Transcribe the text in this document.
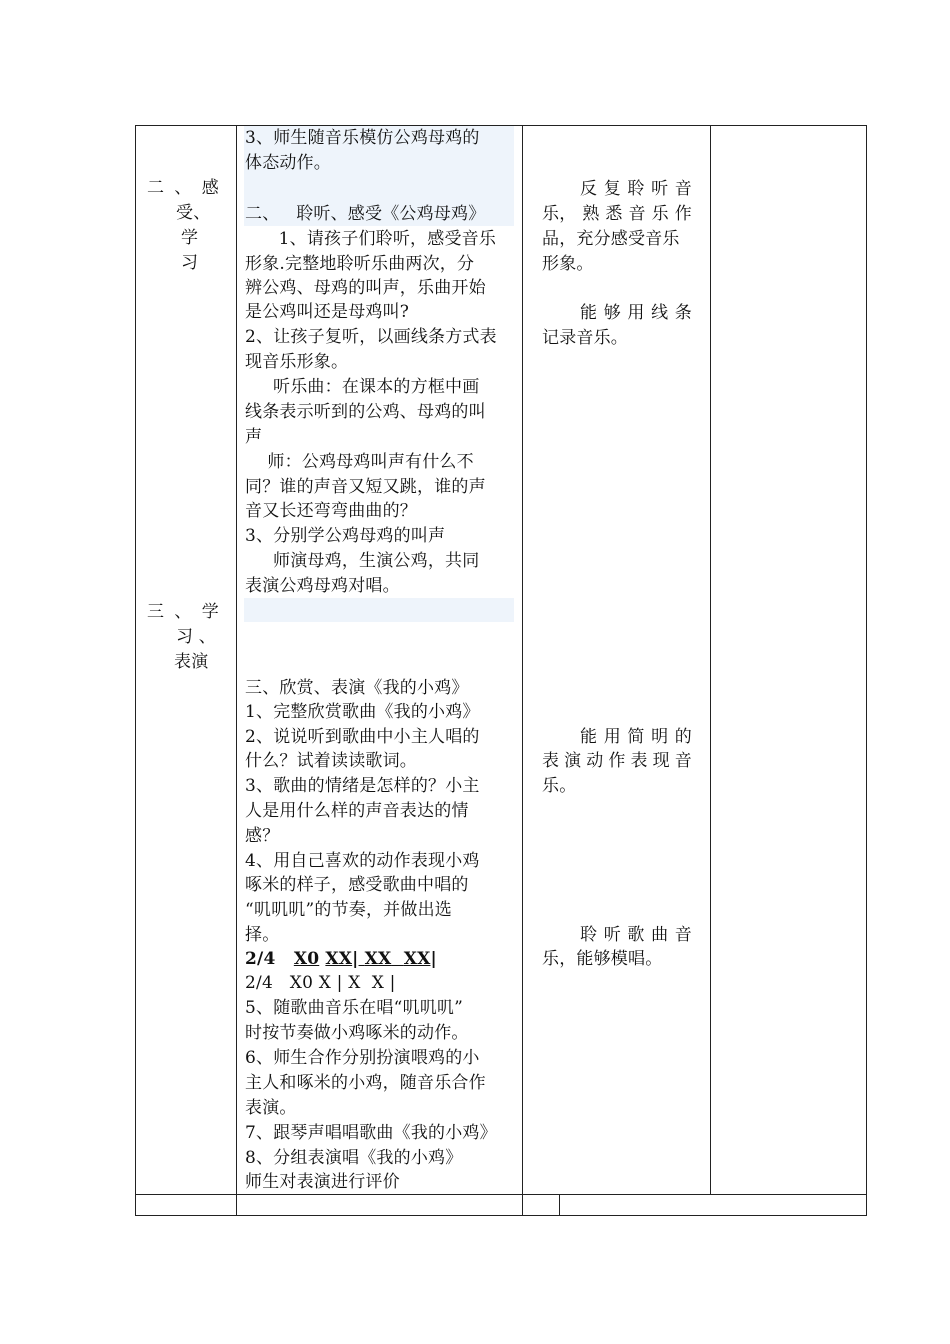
二 、 感
受、
学
习
三 、 学
习 、
表演
3、师生随音乐模仿公鸡母鸡的
体态动作。
二、   聆听、感受《公鸡母鸡》
1、请孩子们聆听，感受音乐
形象.完整地聆听乐曲两次，分
辨公鸡、母鸡的叫声，乐曲开始
是公鸡叫还是母鸡叫?
2、让孩子复听，以画线条方式表
现音乐形象。
听乐曲：在课本的方框中画
线条表示听到的公鸡、母鸡的叫
声
师：公鸡母鸡叫声有什么不
同？谁的声音又短又跳，谁的声
音又长还弯弯曲曲的？
3、分别学公鸡母鸡的叫声
师演母鸡，生演公鸡，共同
表演公鸡母鸡对唱。
三、欣赏、表演《我的小鸡》
1、完整欣赏歌曲《我的小鸡》
2、说说听到歌曲中小主人唱的
什么？试着读读歌词。
3、歌曲的情绪是怎样的？小主
人是用什么样的声音表达的情
感？
4、用自己喜欢的动作表现小鸡
啄米的样子，感受歌曲中唱的
“叽叽叽”的节奏，并做出选
择。
2/4 X0 XX| XX XX|
2/4 X0 X | X X |
5、随歌曲音乐在唱“叽叽叽”
时按节奏做小鸡啄米的动作。
6、师生合作分别扮演喂鸡的小
主人和啄米的小鸡，随音乐合作
表演。
7、跟琴声唱唱歌曲《我的小鸡》
8、分组表演唱《我的小鸡》
师生对表演进行评价
反 复 聆 听 音
乐， 熟 悉 音 乐 作
品，充分感受音乐
形象。
能 够 用 线 条
记录音乐。
能 用 简 明 的
表 演 动 作 表 现 音
乐。
聆 听 歌 曲 音
乐，能够模唱。
